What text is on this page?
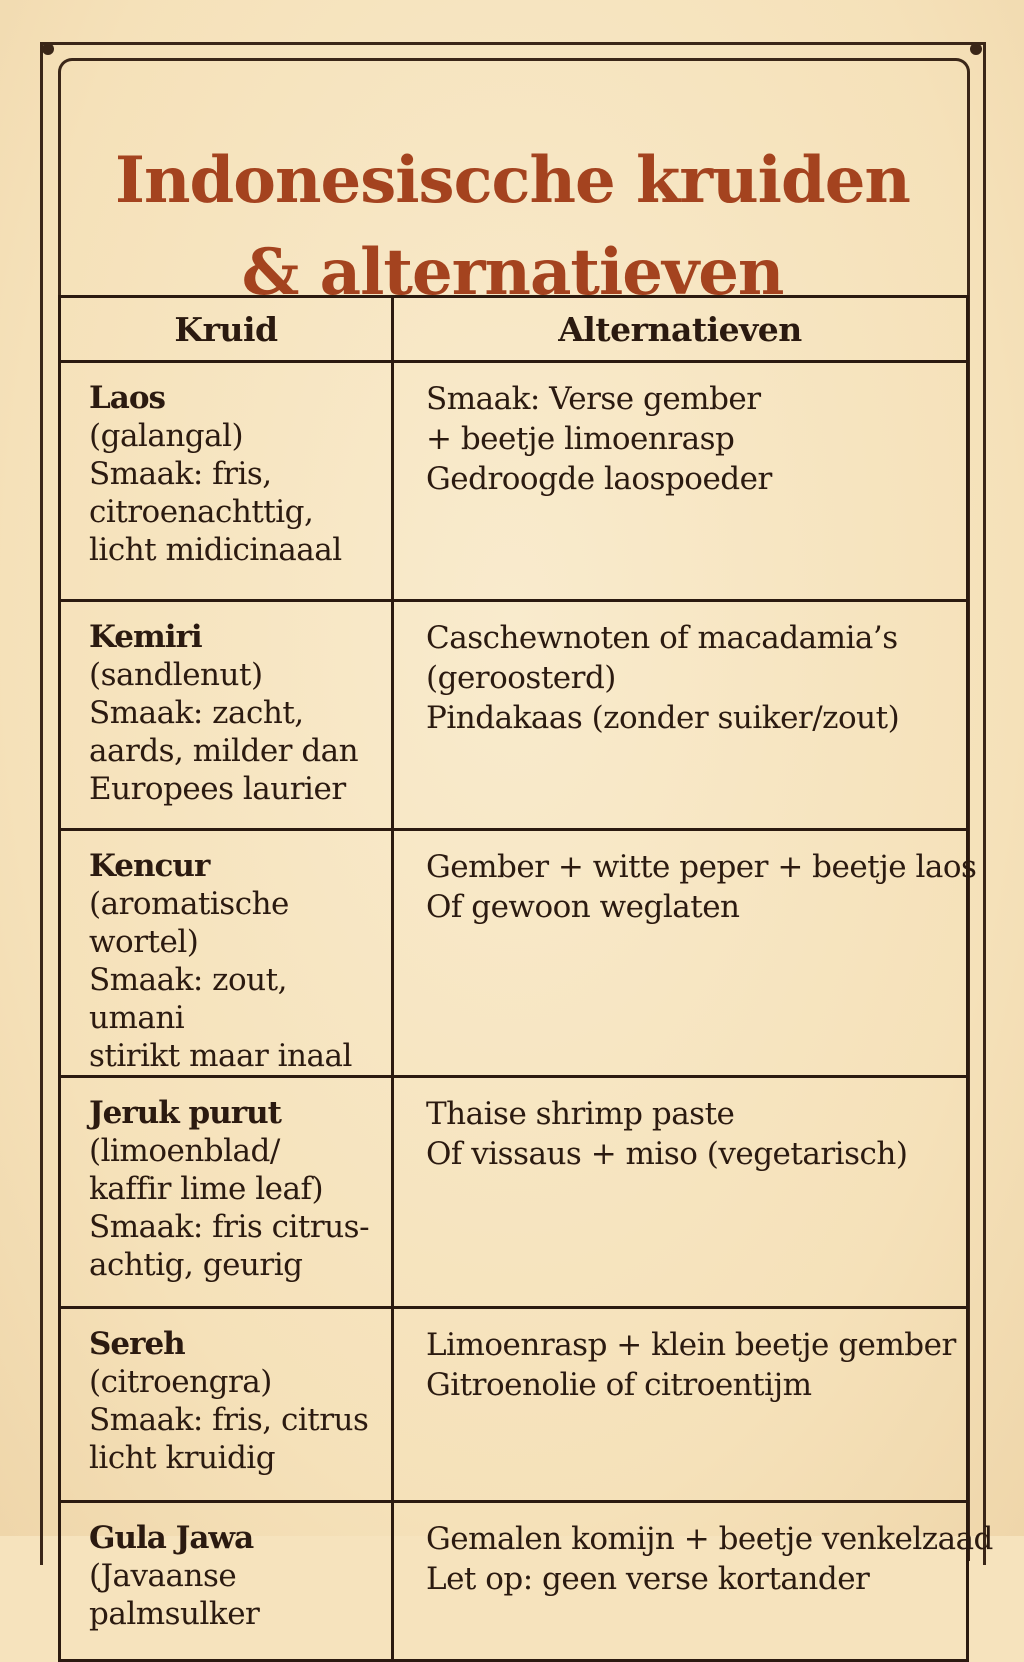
Indonesiscche kruiden
& alternatieven
Kruid	Alternatieven

Laos
(galangal)
Smaak: fris,
citroenachttig,
licht midicinaaal	Smaak: Verse gember
+ beetje limoenrasp
Gedroogde laospoeder

Kemiri
(sandlenut)
Smaak: zacht,
aards, milder dan
Europees laurier	Caschewnoten of macadamia’s
(geroosterd)
Pindakaas (zonder suiker/zout)

Kencur
(aromatische
wortel)
Smaak: zout, umani
stirikt maar inaal	Gember + witte peper + beetje laos
Of gewoon weglaten

Jeruk purut
(limoenblad/
kaffir lime leaf)
Smaak: fris citrus-
achtig, geurig	Thaise shrimp paste
Of vissaus + miso (vegetarisch)

Sereh
(citroengra)
Smaak: fris, citrus
licht kruidig	Limoenrasp + klein beetje gember
Gitroenolie of citroentijm

Gula Jawa
(Javaanse
palmsulker	Gemalen komijn + beetje venkelzaad
Let op: geen verse kortander
